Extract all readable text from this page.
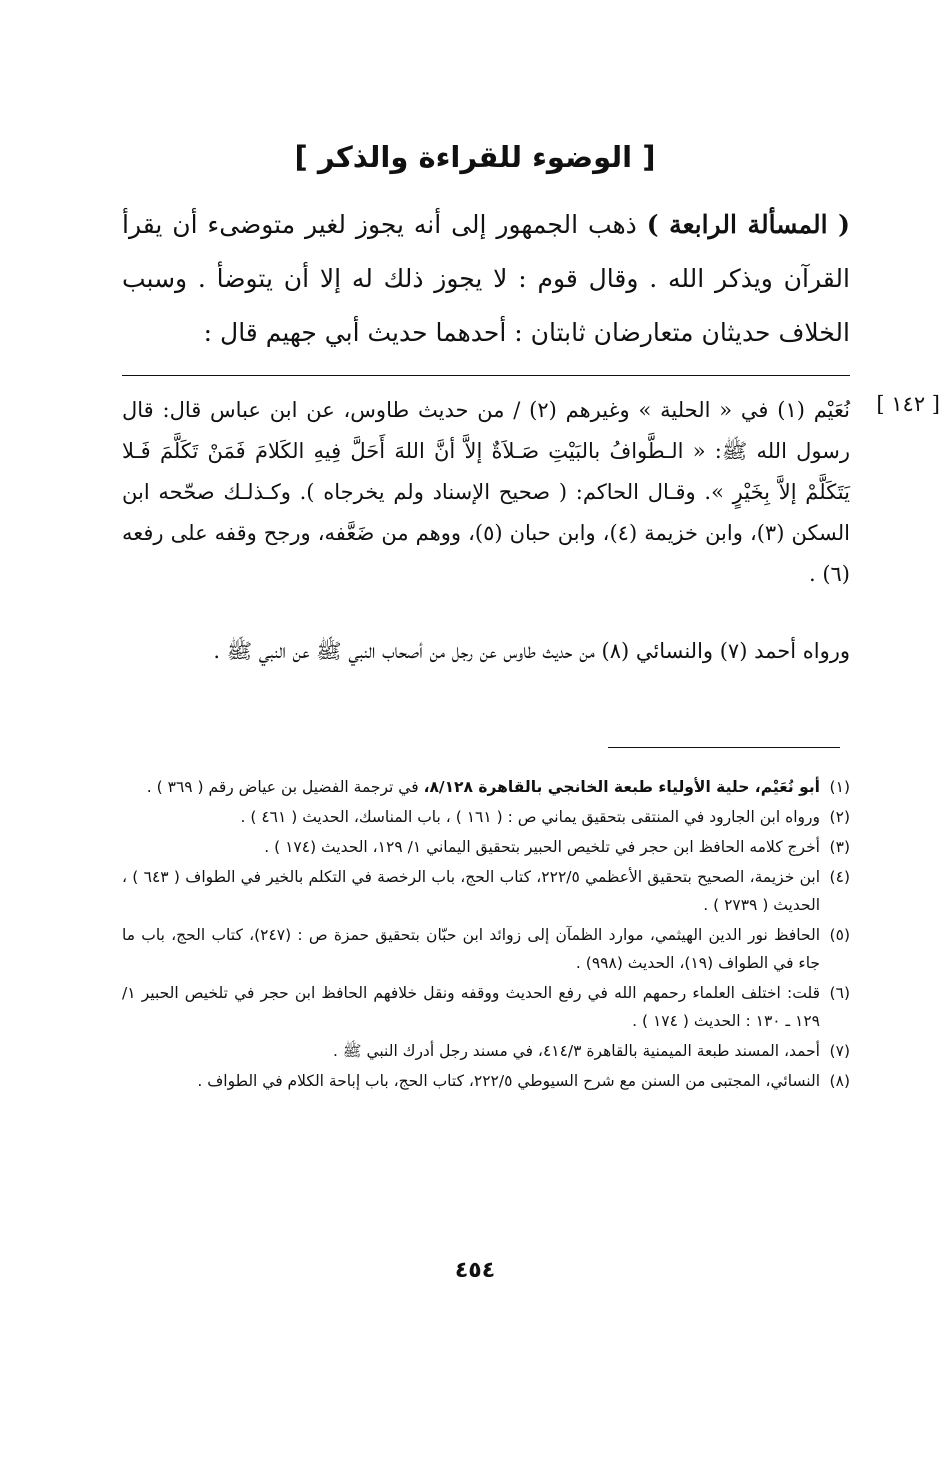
[ الوضوء للقراءة والذكر ]
( المسألة الرابعة ) ذهب الجمهور إلى أنه يجوز لغير متوضىء أن يقرأ القرآن ويذكر الله . وقال قوم : لا يجوز ذلك له إلا أن يتوضأ . وسبب الخلاف حديثان متعارضان ثابتان : أحدهما حديث أبي جهيم قال :
[ ١٤٢ ]
نُعَيْم (١) في « الحلية » وغيرهم (٢) / من حديث طاوس، عن ابن عباس قال: قال رسول الله ﷺ: « الـطَّوافُ بالبَيْتِ صَـلاَةٌ إلاَّ أنَّ اللهَ أَحَلَّ فِيهِ الكَلامَ فَمَنْ تَكَلَّمَ فَـلا يَتَكَلَّمْ إلاَّ بِخَيْرٍ ». وقـال الحاكم: ( صحيح الإسناد ولم يخرجاه ). وكـذلـك صحّحه ابن السكن (٣)، وابن خزيمة (٤)، وابن حبان (٥)، ووهم من ضَعَّفه، ورجح وقفه على رفعه (٦) .
ورواه أحمد (٧) والنسائي (٨) من حديث طاوس عن رجل من أصحاب النبي ﷺ عن النبي ﷺ .
(١)
أبو نُعَيْم، حلية الأولياء طبعة الخانجي بالقاهرة ٨/١٢٨، في ترجمة الفضيل بن عياض رقم ( ٣٦٩ ) .
(٢)
ورواه ابن الجارود في المنتقى بتحقيق يماني ص : ( ١٦١ ) ، باب المناسك، الحديث ( ٤٦١ ) .
(٣)
أخرج كلامه الحافظ ابن حجر في تلخيص الحبير بتحقيق اليماني ١/ ١٢٩، الحديث (١٧٤ ) .
(٤)
ابن خزيمة، الصحيح بتحقيق الأعظمي ٢٢٢/٥، كتاب الحج، باب الرخصة في التكلم بالخير في الطواف ( ٦٤٣ ) ، الحديث ( ٢٧٣٩ ) .
(٥)
الحافظ نور الدين الهيثمي، موارد الظمآن إلى زوائد ابن حبّان بتحقيق حمزة ص : (٢٤٧)، كتاب الحج، باب ما جاء في الطواف (١٩)، الحديث (٩٩٨) .
(٦)
قلت: اختلف العلماء رحمهم الله في رفع الحديث ووقفه ونقل خلافهم الحافظ ابن حجر في تلخيص الحبير ١/ ١٢٩ ـ ١٣٠ : الحديث ( ١٧٤ ) .
(٧)
أحمد، المسند طبعة الميمنية بالقاهرة ٤١٤/٣، في مسند رجل أدرك النبي ﷺ .
(٨)
النسائي، المجتبى من السنن مع شرح السيوطي ٢٢٢/٥، كتاب الحج، باب إباحة الكلام في الطواف .
٤٥٤
